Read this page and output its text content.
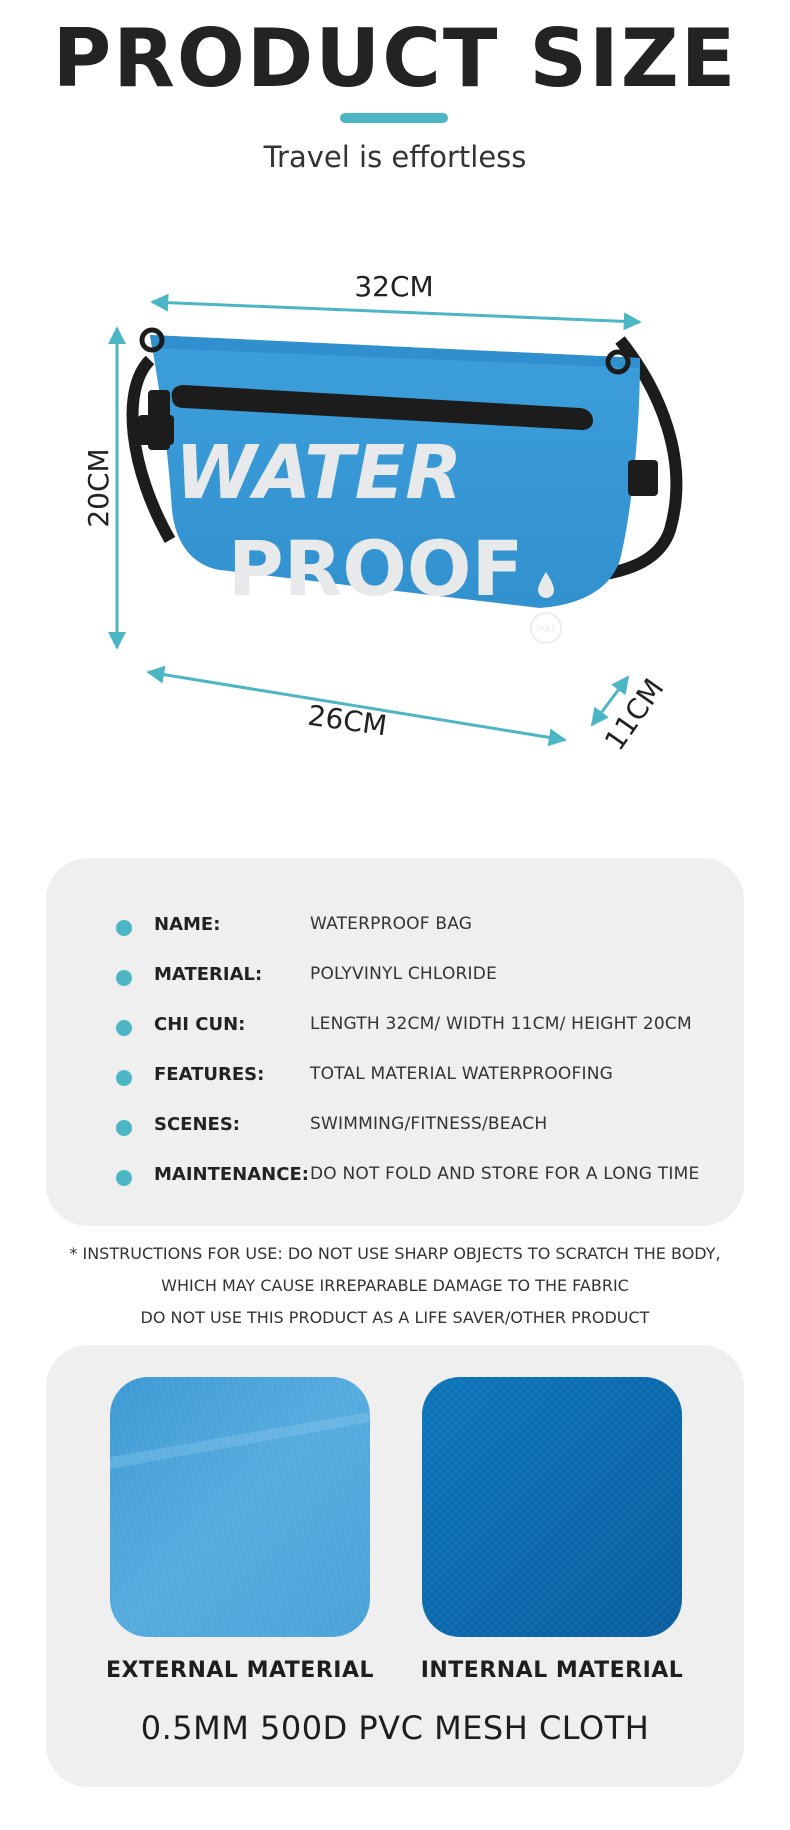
PRODUCT SIZE
Travel is effortless
WATER
PROOF
IPX7
32CM
20CM
26CM	11CM
NAME:	WATERPROOF BAG
MATERIAL:	POLYVINYL CHLORIDE
CHI CUN:	LENGTH 32CM/ WIDTH 11CM/ HEIGHT 20CM
FEATURES:	TOTAL MATERIAL WATERPROOFING
SCENES:	SWIMMING/FITNESS/BEACH
MAINTENANCE: DO NOT FOLD AND STORE FOR A LONG TIME
* INSTRUCTIONS FOR USE: DO NOT USE SHARP OBJECTS TO SCRATCH THE BODY,
WHICH MAY CAUSE IRREPARABLE DAMAGE TO THE FABRIC
DO NOT USE THIS PRODUCT AS A LIFE SAVER/OTHER PRODUCT
EXTERNAL MATERIAL	INTERNAL MATERIAL
0.5MM 500D PVC MESH CLOTH
